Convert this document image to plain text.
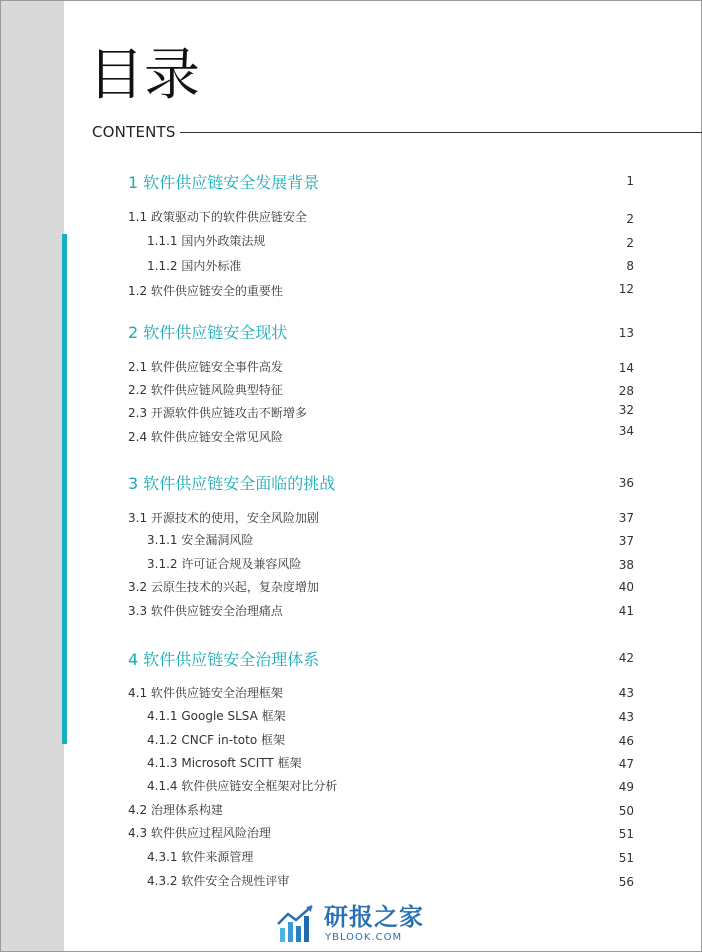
目录
CONTENTS
1 软件供应链安全发展背景	1
1.1 政策驱动下的软件供应链安全	2
1.1.1 国内外政策法规	2
1.1.2 国内外标准	8
1.2 软件供应链安全的重要性	12
2 软件供应链安全现状	13
2.1 软件供应链安全事件高发	14
2.2 软件供应链风险典型特征	28
2.3 开源软件供应链攻击不断增多	32
2.4 软件供应链安全常见风险	34
3 软件供应链安全面临的挑战	36
3.1 开源技术的使用，安全风险加剧	37
3.1.1 安全漏洞风险	37
3.1.2 许可证合规及兼容风险	38
3.2 云原生技术的兴起，复杂度增加	40
3.3 软件供应链安全治理痛点	41
4 软件供应链安全治理体系	42
4.1 软件供应链安全治理框架	43
4.1.1 Google SLSA 框架	43
4.1.2 CNCF in-toto 框架	46
4.1.3 Microsoft SCITT 框架	47
4.1.4 软件供应链安全框架对比分析	49
4.2 治理体系构建	50
4.3 软件供应过程风险治理	51
4.3.1 软件来源管理	51
4.3.2 软件安全合规性评审	56
研报之家
YBLOOK.COM
